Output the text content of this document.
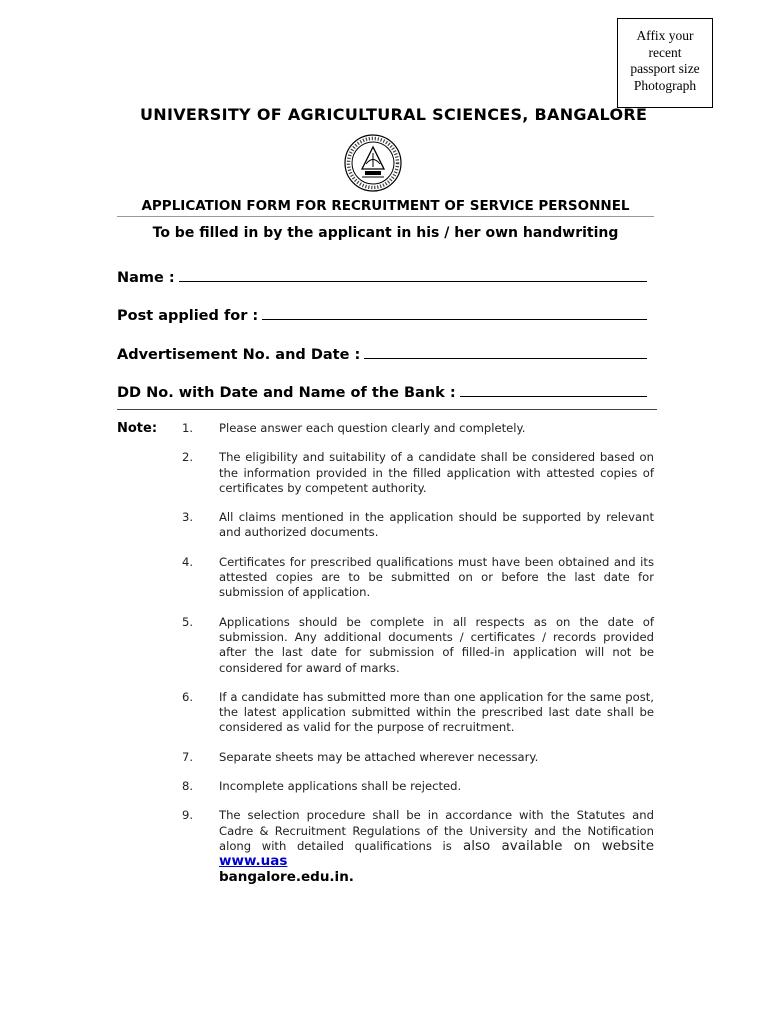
Affix your
recent
passport size
Photograph
UNIVERSITY OF AGRICULTURAL SCIENCES, BANGALORE
APPLICATION FORM FOR RECRUITMENT OF SERVICE PERSONNEL
To be filled in by the applicant in his / her own handwriting
Name :
Post applied for :
Advertisement No. and Date :
DD No. with Date and Name of the Bank :
Note: 1.	Please answer each question clearly and completely.
2.	The eligibility and suitability of a candidate shall be considered based on the information provided in the filled application with attested copies of certificates by competent authority.
3.	All claims mentioned in the application should be supported by relevant and authorized documents.
4.	Certificates for prescribed qualifications must have been obtained and its attested copies are to be submitted on or before the last date for submission of application.
5.	Applications should be complete in all respects as on the date of submission. Any additional documents / certificates / records provided after the last date for submission of filled-in application will not be considered for award of marks.
6.	If a candidate has submitted more than one application for the same post, the latest application submitted within the prescribed last date shall be considered as valid for the purpose of recruitment.
7.	Separate sheets may be attached wherever necessary.
8.	Incomplete applications shall be rejected.
9.	The selection procedure shall be in accordance with the Statutes and Cadre & Recruitment Regulations of the University and the Notification along with detailed qualifications is also available on website www.uas
bangalore.edu.in.
